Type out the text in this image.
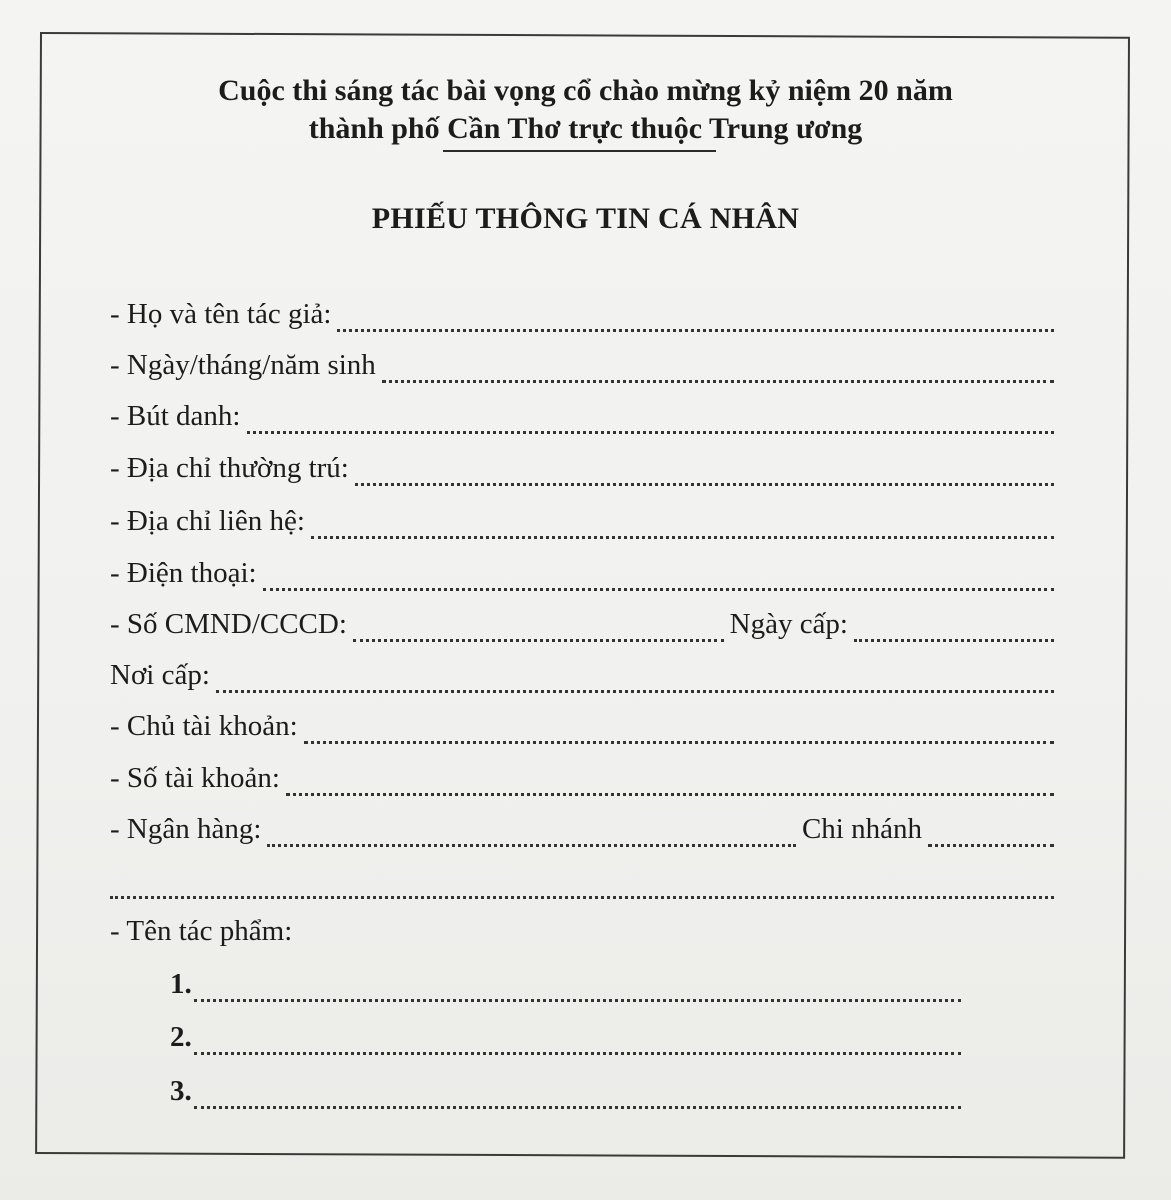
Cuộc thi sáng tác bài vọng cổ chào mừng kỷ niệm 20 năm
thành phố Cần Thơ trực thuộc Trung ương
PHIẾU THÔNG TIN CÁ NHÂN
- Họ và tên tác giả:
- Ngày/tháng/năm sinh
- Bút danh:
- Địa chỉ thường trú:
- Địa chỉ liên hệ:
- Điện thoại:
- Số CMND/CCCD:	Ngày cấp:
Nơi cấp:
- Chủ tài khoản:
- Số tài khoản:
- Ngân hàng:	Chi nhánh
- Tên tác phẩm:
1.
2.
3.
